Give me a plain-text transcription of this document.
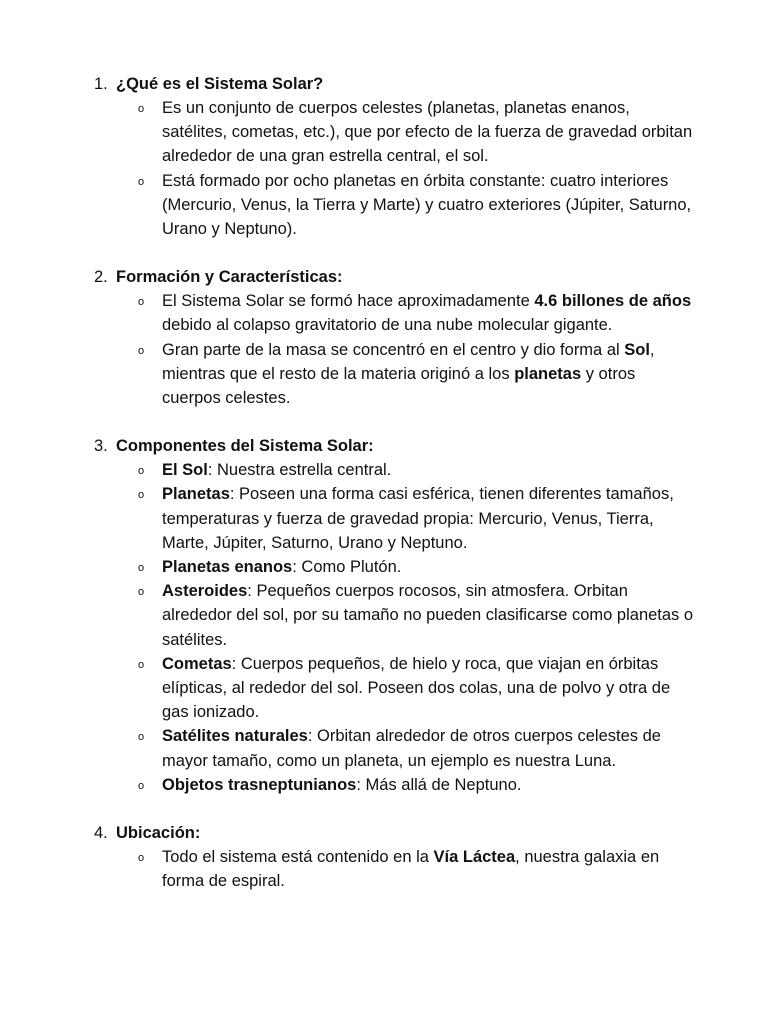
1. ¿Qué es el Sistema Solar?
o Es un conjunto de cuerpos celestes (planetas, planetas enanos, satélites, cometas, etc.), que por efecto de la fuerza de gravedad orbitan alrededor de una gran estrella central, el sol.
o Está formado por ocho planetas en órbita constante: cuatro interiores (Mercurio, Venus, la Tierra y Marte) y cuatro exteriores (Júpiter, Saturno, Urano y Neptuno).
2. Formación y Características:
o El Sistema Solar se formó hace aproximadamente 4.6 billones de años debido al colapso gravitatorio de una nube molecular gigante.
o Gran parte de la masa se concentró en el centro y dio forma al Sol, mientras que el resto de la materia originó a los planetas y otros cuerpos celestes.
3. Componentes del Sistema Solar:
o El Sol: Nuestra estrella central.
o Planetas: Poseen una forma casi esférica, tienen diferentes tamaños, temperaturas y fuerza de gravedad propia: Mercurio, Venus, Tierra, Marte, Júpiter, Saturno, Urano y Neptuno.
o Planetas enanos: Como Plutón.
o Asteroides: Pequeños cuerpos rocosos, sin atmosfera. Orbitan alrededor del sol, por su tamaño no pueden clasificarse como planetas o satélites.
o Cometas: Cuerpos pequeños, de hielo y roca, que viajan en órbitas elípticas, al rededor del sol. Poseen dos colas, una de polvo y otra de gas ionizado.
o Satélites naturales: Orbitan alrededor de otros cuerpos celestes de mayor tamaño, como un planeta, un ejemplo es nuestra Luna.
o Objetos trasneptunianos: Más allá de Neptuno.
4. Ubicación:
o Todo el sistema está contenido en la Vía Láctea, nuestra galaxia en forma de espiral.
